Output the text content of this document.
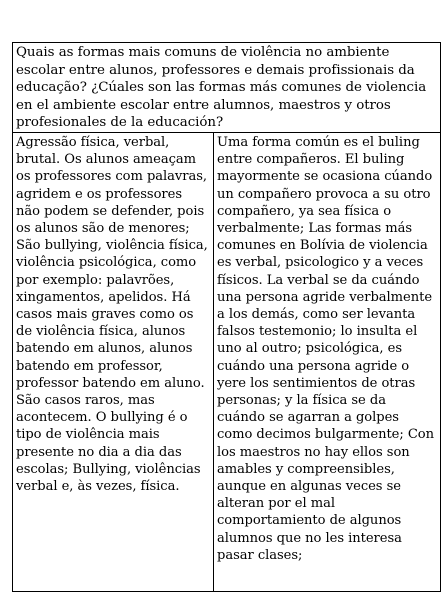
Quais as formas mais comuns de violência no ambiente escolar entre alunos, professores e demais profissionais da educação? ¿Cúales son las formas más comunes de violencia en el ambiente escolar entre alumnos, maestros y otros profesionales de la educación?

Agressão física, verbal, brutal. Os alunos ameaçam os professores com palavras, agridem e os professores não podem se defender, pois os alunos são de menores; São bullying, violência física, violência psicológica, como por exemplo: palavrões, xingamentos, apelidos. Há casos mais graves como os de violência física, alunos batendo em alunos, alunos batendo em professor, professor batendo em aluno. São casos raros, mas acontecem. O bullying é o tipo de violência mais presente no dia a dia das escolas; Bullying, violências verbal e, às vezes, física.

Uma forma común es el buling entre compañeros. El buling mayormente se ocasiona cúando un compañero provoca a su otro compañero, ya sea física o verbalmente; Las formas más comunes en Bolívia de violencia es verbal, psicologico y a veces físicos. La verbal se da cuándo una persona agride verbalmente a los demás, como ser levanta falsos testemonio; lo insulta el uno al outro; psicológica, es cuándo una persona agride o yere los sentimientos de otras personas; y la física se da cuándo se agarran a golpes como decimos bulgarmente; Con los maestros no hay ellos son amables y compreensibles, aunque en algunas veces se alteran por el mal comportamiento de algunos alumnos que no les interesa pasar clases;
